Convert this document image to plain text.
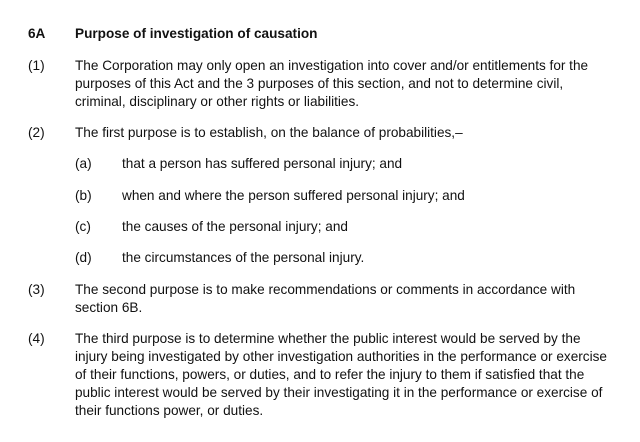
6A Purpose of investigation of causation
(1) The Corporation may only open an investigation into cover and/or entitlements for the purposes of this Act and the 3 purposes of this section, and not to determine civil, criminal, disciplinary or other rights or liabilities.
(2) The first purpose is to establish, on the balance of probabilities,–
(a) that a person has suffered personal injury; and
(b) when and where the person suffered personal injury; and
(c) the causes of the personal injury; and
(d) the circumstances of the personal injury.
(3) The second purpose is to make recommendations or comments in accordance with section 6B.
(4) The third purpose is to determine whether the public interest would be served by the injury being investigated by other investigation authorities in the performance or exercise of their functions, powers, or duties, and to refer the injury to them if satisfied that the public interest would be served by their investigating it in the performance or exercise of their functions power, or duties.
